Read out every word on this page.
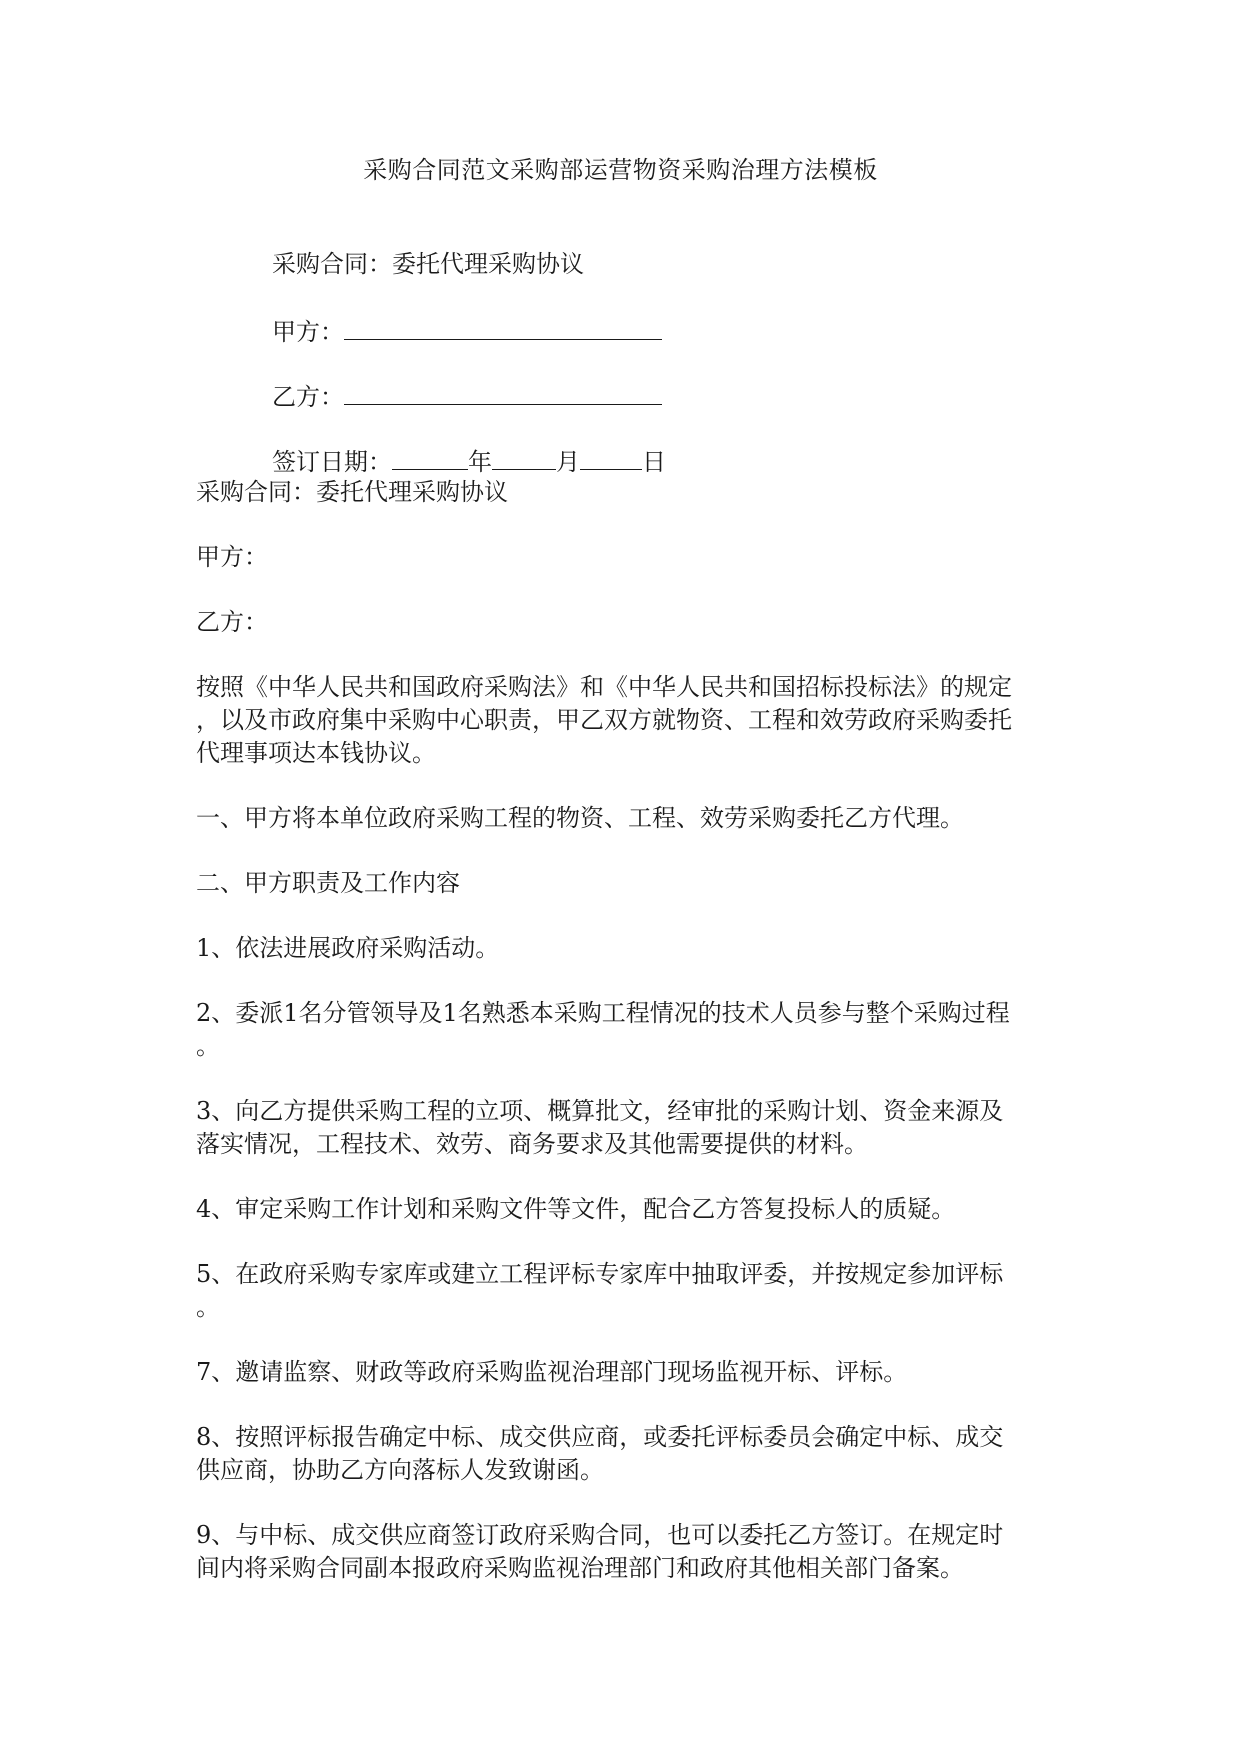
采购合同范文采购部运营物资采购治理方法模板
采购合同：委托代理采购协议
甲方：
乙方：
签订日期：	年	月	日

采购合同：委托代理采购协议

甲方：

乙方：

按照《中华人民共和国政府采购法》和《中华人民共和国招标投标法》的规定
，以及市政府集中采购中心职责，甲乙双方就物资、工程和效劳政府采购委托
代理事项达本钱协议。

一、甲方将本单位政府采购工程的物资、工程、效劳采购委托乙方代理。

二、甲方职责及工作内容

1、依法进展政府采购活动。

2、委派1名分管领导及1名熟悉本采购工程情况的技术人员参与整个采购过程
。

3、向乙方提供采购工程的立项、概算批文，经审批的采购计划、资金来源及
落实情况，工程技术、效劳、商务要求及其他需要提供的材料。

4、审定采购工作计划和采购文件等文件，配合乙方答复投标人的质疑。

5、在政府采购专家库或建立工程评标专家库中抽取评委，并按规定参加评标
。

7、邀请监察、财政等政府采购监视治理部门现场监视开标、评标。

8、按照评标报告确定中标、成交供应商，或委托评标委员会确定中标、成交
供应商，协助乙方向落标人发致谢函。

9、与中标、成交供应商签订政府采购合同，也可以委托乙方签订。在规定时
间内将采购合同副本报政府采购监视治理部门和政府其他相关部门备案。
